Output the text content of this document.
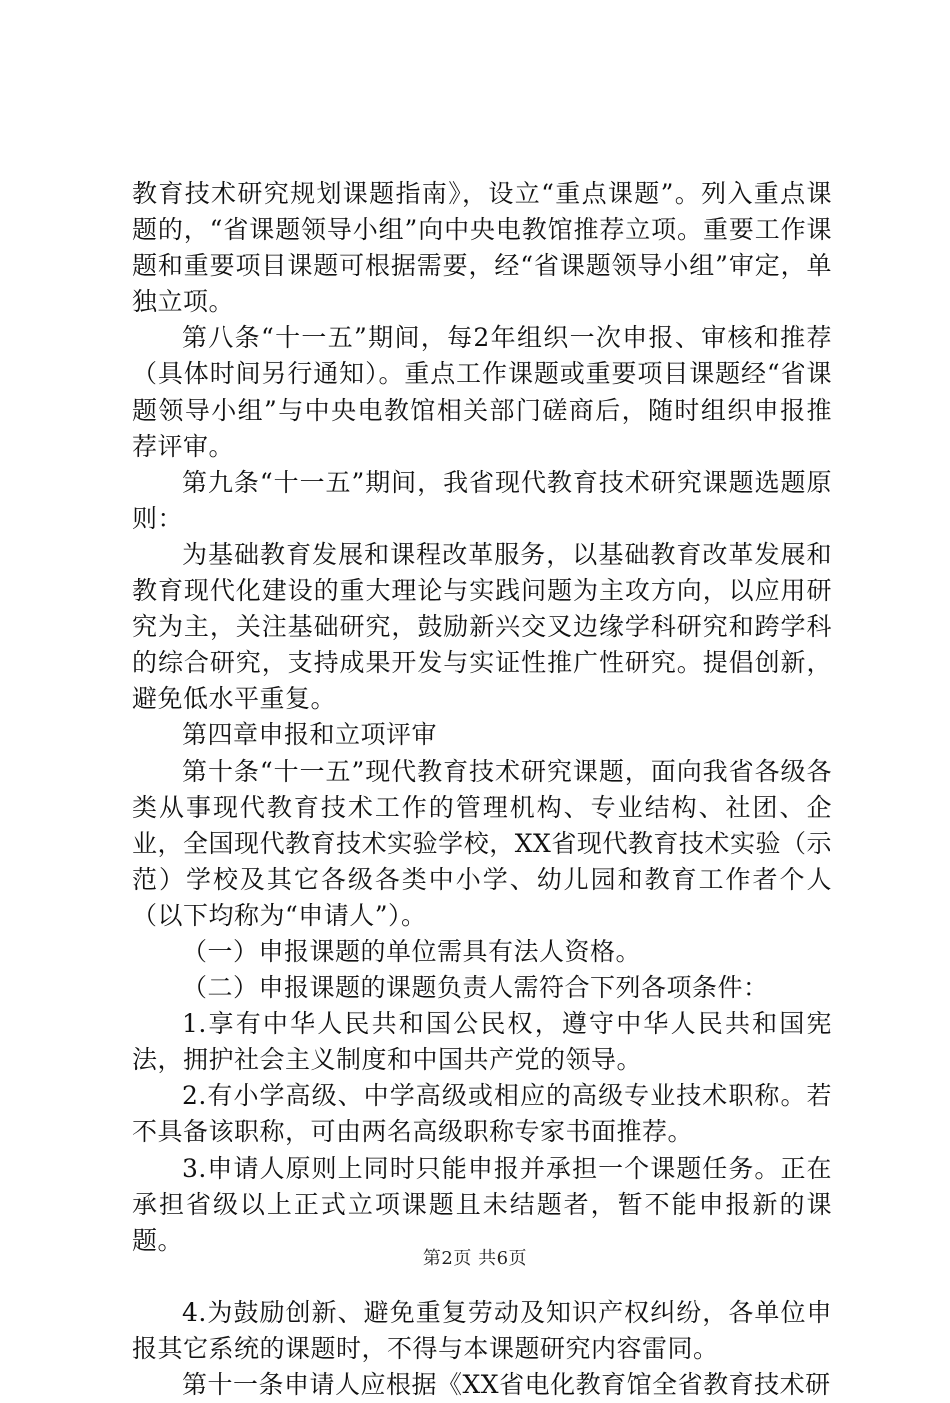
教育技术研究规划课题指南》，设立“重点课题”。列入重点课题的，“省课题领导小组”向中央电教馆推荐立项。重要工作课题和重要项目课题可根据需要，经“省课题领导小组”审定，单独立项。

第八条“十一五”期间，每2年组织一次申报、审核和推荐（具体时间另行通知）。重点工作课题或重要项目课题经“省课题领导小组”与中央电教馆相关部门磋商后，随时组织申报推荐评审。

第九条“十一五”期间，我省现代教育技术研究课题选题原则：

为基础教育发展和课程改革服务，以基础教育改革发展和教育现代化建设的重大理论与实践问题为主攻方向，以应用研究为主，关注基础研究，鼓励新兴交叉边缘学科研究和跨学科的综合研究，支持成果开发与实证性推广性研究。提倡创新，避免低水平重复。

第四章申报和立项评审

第十条“十一五”现代教育技术研究课题，面向我省各级各类从事现代教育技术工作的管理机构、专业结构、社团、企业，全国现代教育技术实验学校，XX省现代教育技术实验（示范）学校及其它各级各类中小学、幼儿园和教育工作者个人（以下均称为“申请人”）。

（一）申报课题的单位需具有法人资格。

（二）申报课题的课题负责人需符合下列各项条件：

1.享有中华人民共和国公民权，遵守中华人民共和国宪法，拥护社会主义制度和中国共产党的领导。

2.有小学高级、中学高级或相应的高级专业技术职称。若不具备该职称，可由两名高级职称专家书面推荐。

3.申请人原则上同时只能申报并承担一个课题任务。正在承担省级以上正式立项课题且未结题者，暂不能申报新的课题。

4.为鼓励创新、避免重复劳动及知识产权纠纷，各单位申报其它系统的课题时，不得与本课题研究内容雷同。

第十一条申请人应根据《XX省电化教育馆全省教育技术研

第2页 共6页
